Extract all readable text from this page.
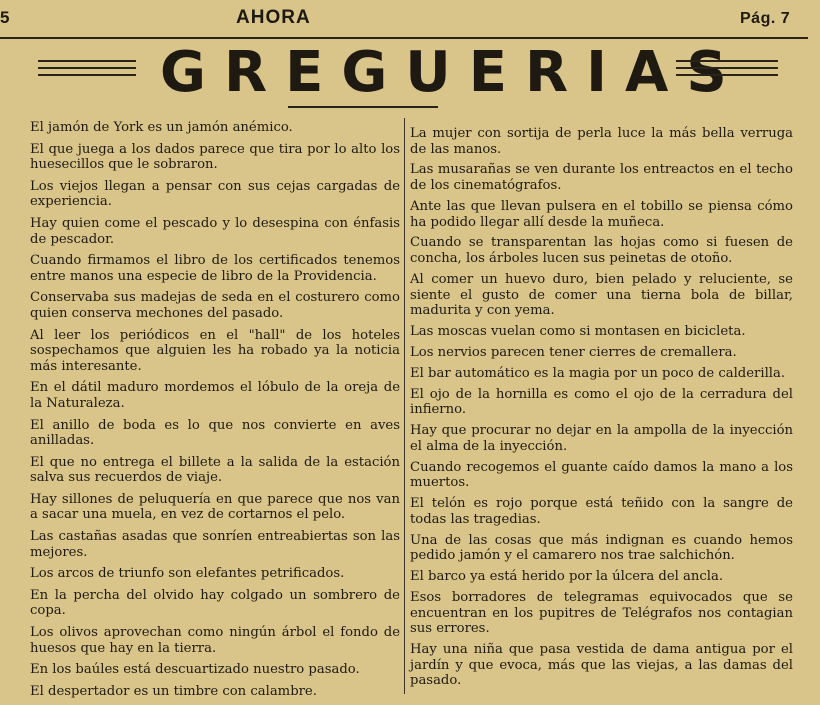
5	AHORA	Pág. 7
GREGUERIAS

El jamón de York es un jamón anémico.

El que juega a los dados parece que tira por lo alto los huesecillos que le sobraron.

Los viejos llegan a pensar con sus cejas cargadas de experiencia.

Hay quien come el pescado y lo desespina con énfasis de pescador.

Cuando firmamos el libro de los certificados tenemos entre manos una especie de libro de la Providencia.

Conservaba sus madejas de seda en el costurero como quien conserva mechones del pasado.

Al leer los periódicos en el "hall" de los hoteles sospechamos que alguien les ha robado ya la noticia más interesante.

En el dátil maduro mordemos el lóbulo de la oreja de la Naturaleza.

El anillo de boda es lo que nos convierte en aves anilladas.

El que no entrega el billete a la salida de la estación salva sus recuerdos de viaje.

Hay sillones de peluquería en que parece que nos van a sacar una muela, en vez de cortarnos el pelo.

Las castañas asadas que sonríen entreabiertas son las mejores.

Los arcos de triunfo son elefantes petrificados.

En la percha del olvido hay colgado un sombrero de copa.

Los olivos aprovechan como ningún árbol el fondo de huesos que hay en la tierra.

En los baúles está descuartizado nuestro pasado.

El despertador es un timbre con calambre.

La mujer con sortija de perla luce la más bella verruga de las manos.

Las musarañas se ven durante los entreactos en el techo de los cinematógrafos.

Ante las que llevan pulsera en el tobillo se piensa cómo ha podido llegar allí desde la muñeca.

Cuando se transparentan las hojas como si fuesen de concha, los árboles lucen sus peinetas de otoño.

Al comer un huevo duro, bien pelado y reluciente, se siente el gusto de comer una tierna bola de billar, madurita y con yema.

Las moscas vuelan como si montasen en bicicleta.

Los nervios parecen tener cierres de cremallera.

El bar automático es la magia por un poco de calderilla.

El ojo de la hornilla es como el ojo de la cerradura del infierno.

Hay que procurar no dejar en la ampolla de la inyección el alma de la inyección.

Cuando recogemos el guante caído damos la mano a los muertos.

El telón es rojo porque está teñido con la sangre de todas las tragedias.

Una de las cosas que más indignan es cuando hemos pedido jamón y el camarero nos trae salchichón.

El barco ya está herido por la úlcera del ancla.

Esos borradores de telegramas equivocados que se encuentran en los pupitres de Telégrafos nos contagian sus errores.

Hay una niña que pasa vestida de dama antigua por el jardín y que evoca, más que las viejas, a las damas del pasado.
